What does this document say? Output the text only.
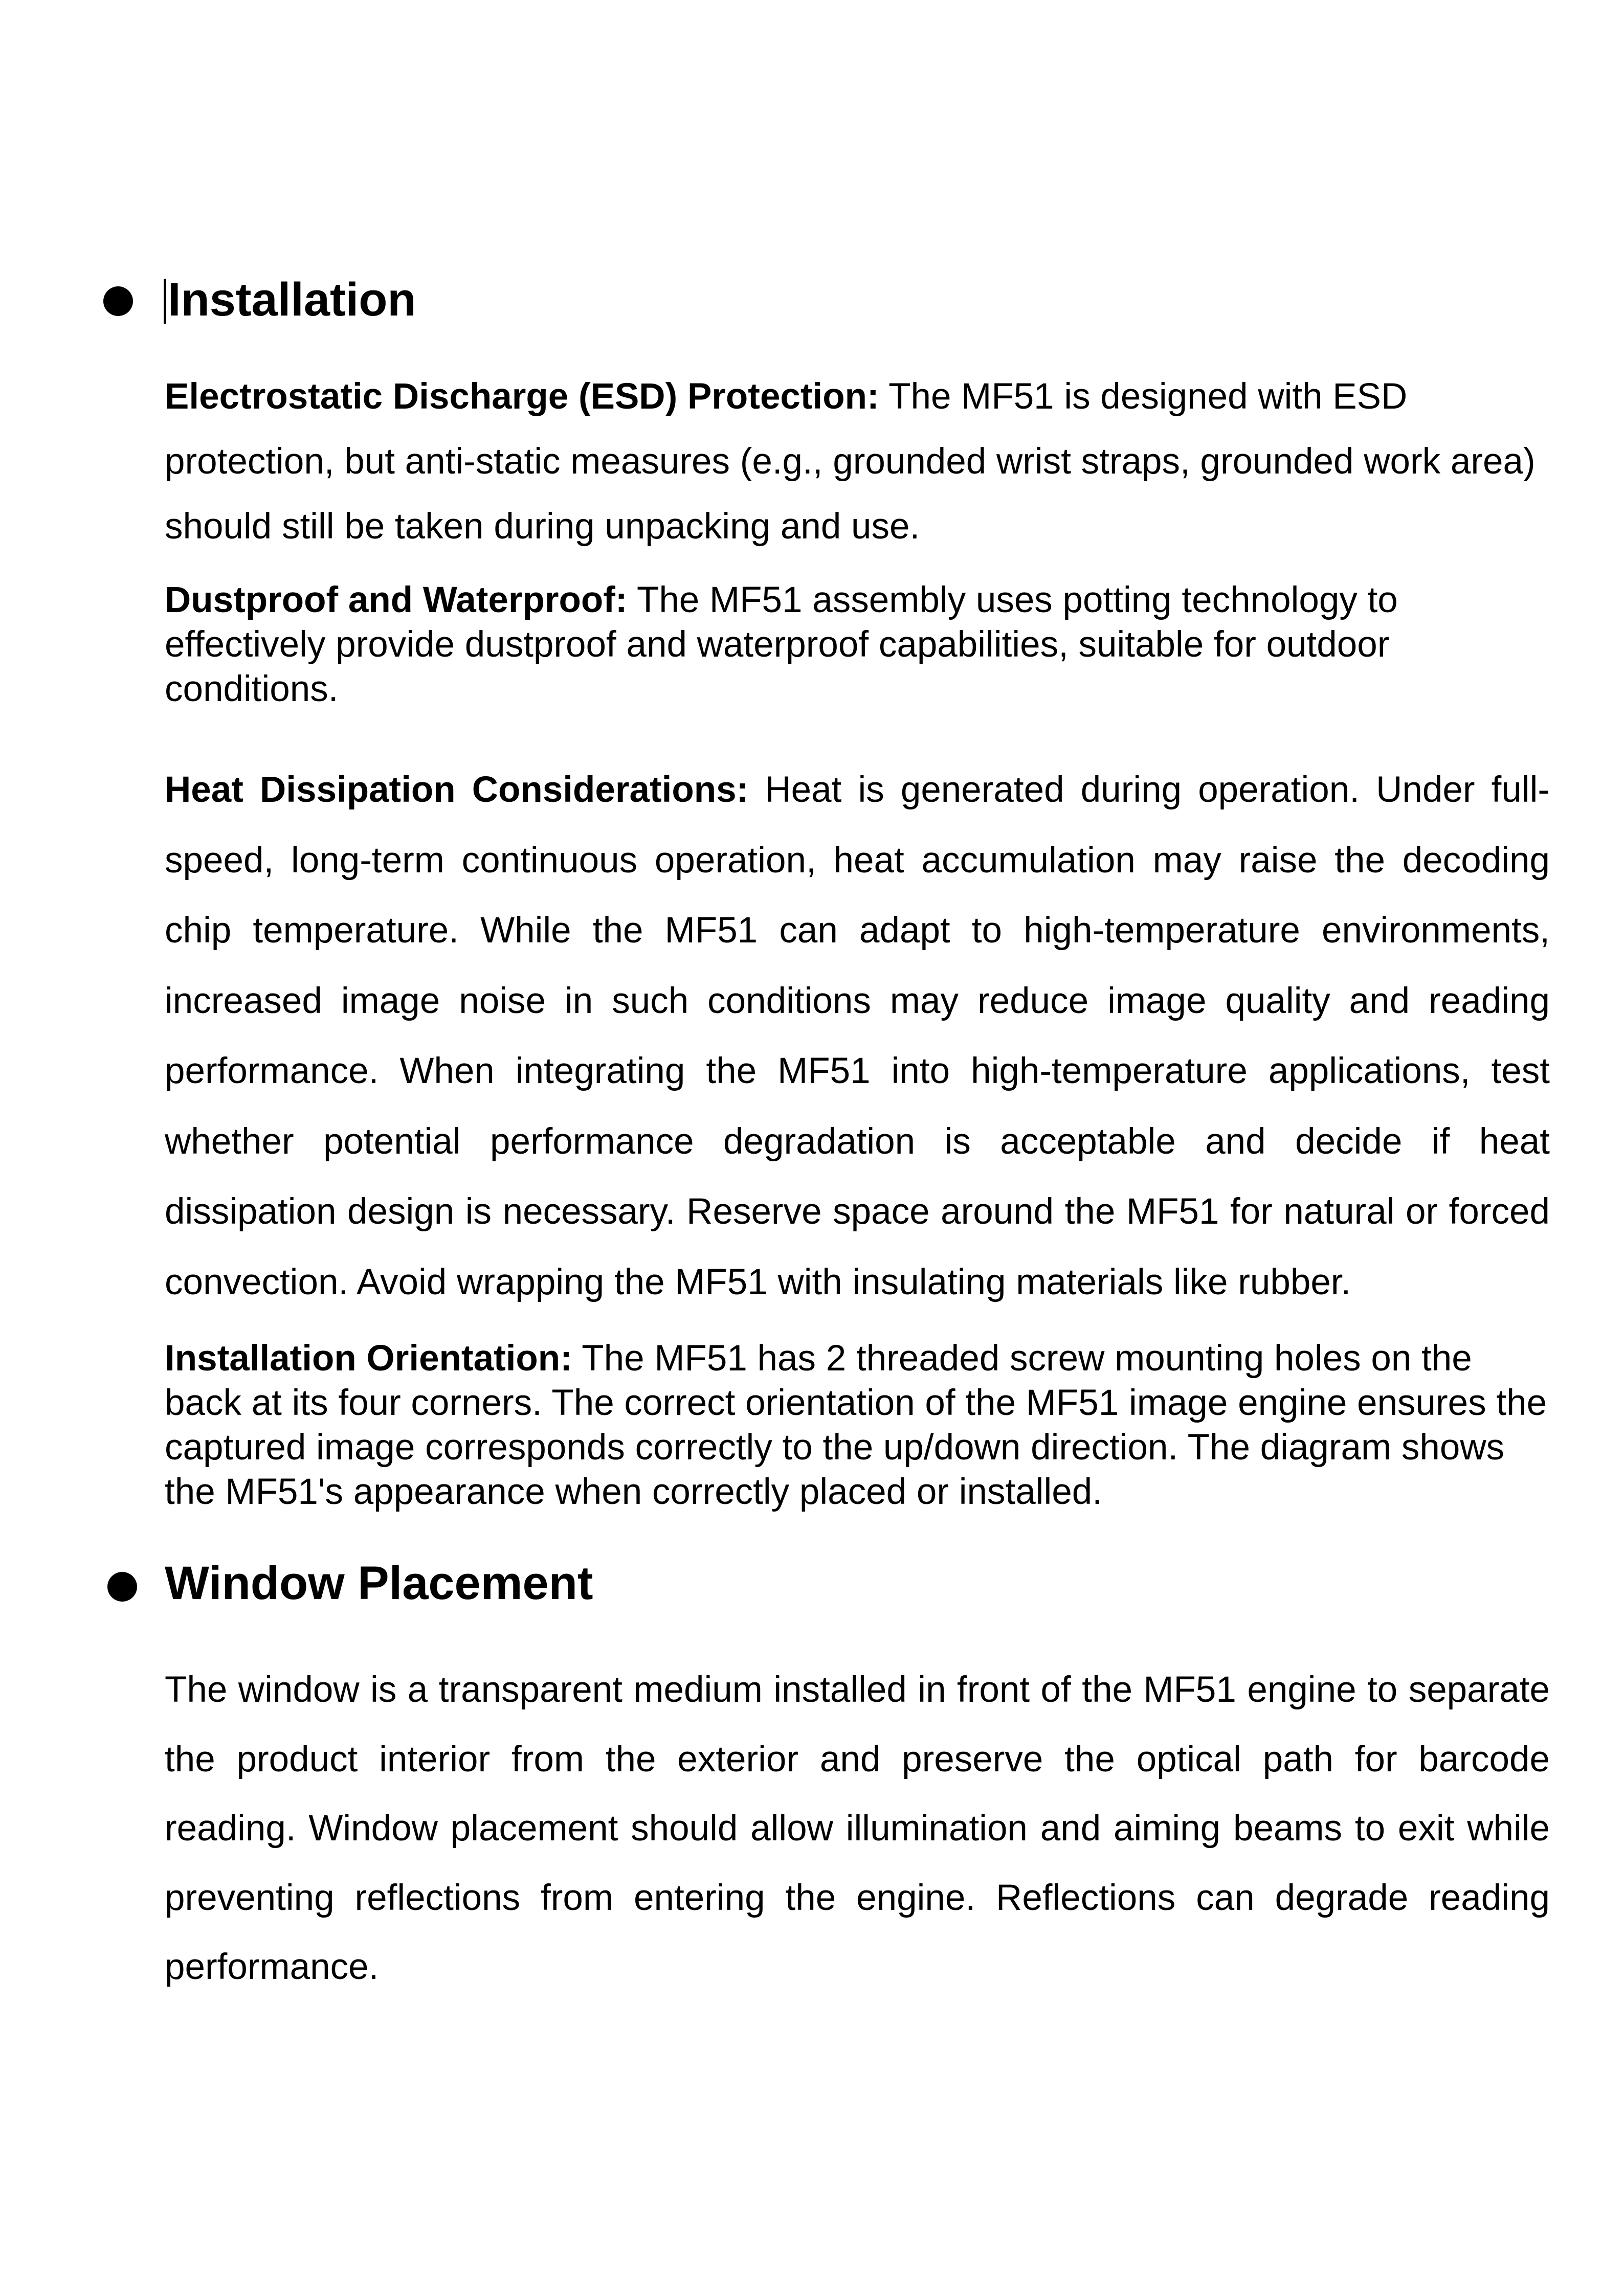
Installation

Electrostatic Discharge (ESD) Protection: The MF51 is designed with ESD protection, but anti-static measures (e.g., grounded wrist straps, grounded work area) should still be taken during unpacking and use.

Dustproof and Waterproof: The MF51 assembly uses potting technology to effectively provide dustproof and waterproof capabilities, suitable for outdoor conditions.

Heat Dissipation Considerations: Heat is generated during operation. Under full-speed, long-term continuous operation, heat accumulation may raise the decoding chip temperature. While the MF51 can adapt to high-temperature environments, increased image noise in such conditions may reduce image quality and reading performance. When integrating the MF51 into high-temperature applications, test whether potential performance degradation is acceptable and decide if heat dissipation design is necessary. Reserve space around the MF51 for natural or forced convection. Avoid wrapping the MF51 with insulating materials like rubber.

Installation Orientation: The MF51 has 2 threaded screw mounting holes on the back at its four corners. The correct orientation of the MF51 image engine ensures the captured image corresponds correctly to the up/down direction. The diagram shows the MF51's appearance when correctly placed or installed.

Window Placement

The window is a transparent medium installed in front of the MF51 engine to separate the product interior from the exterior and preserve the optical path for barcode reading. Window placement should allow illumination and aiming beams to exit while preventing reflections from entering the engine. Reflections can degrade reading performance.
